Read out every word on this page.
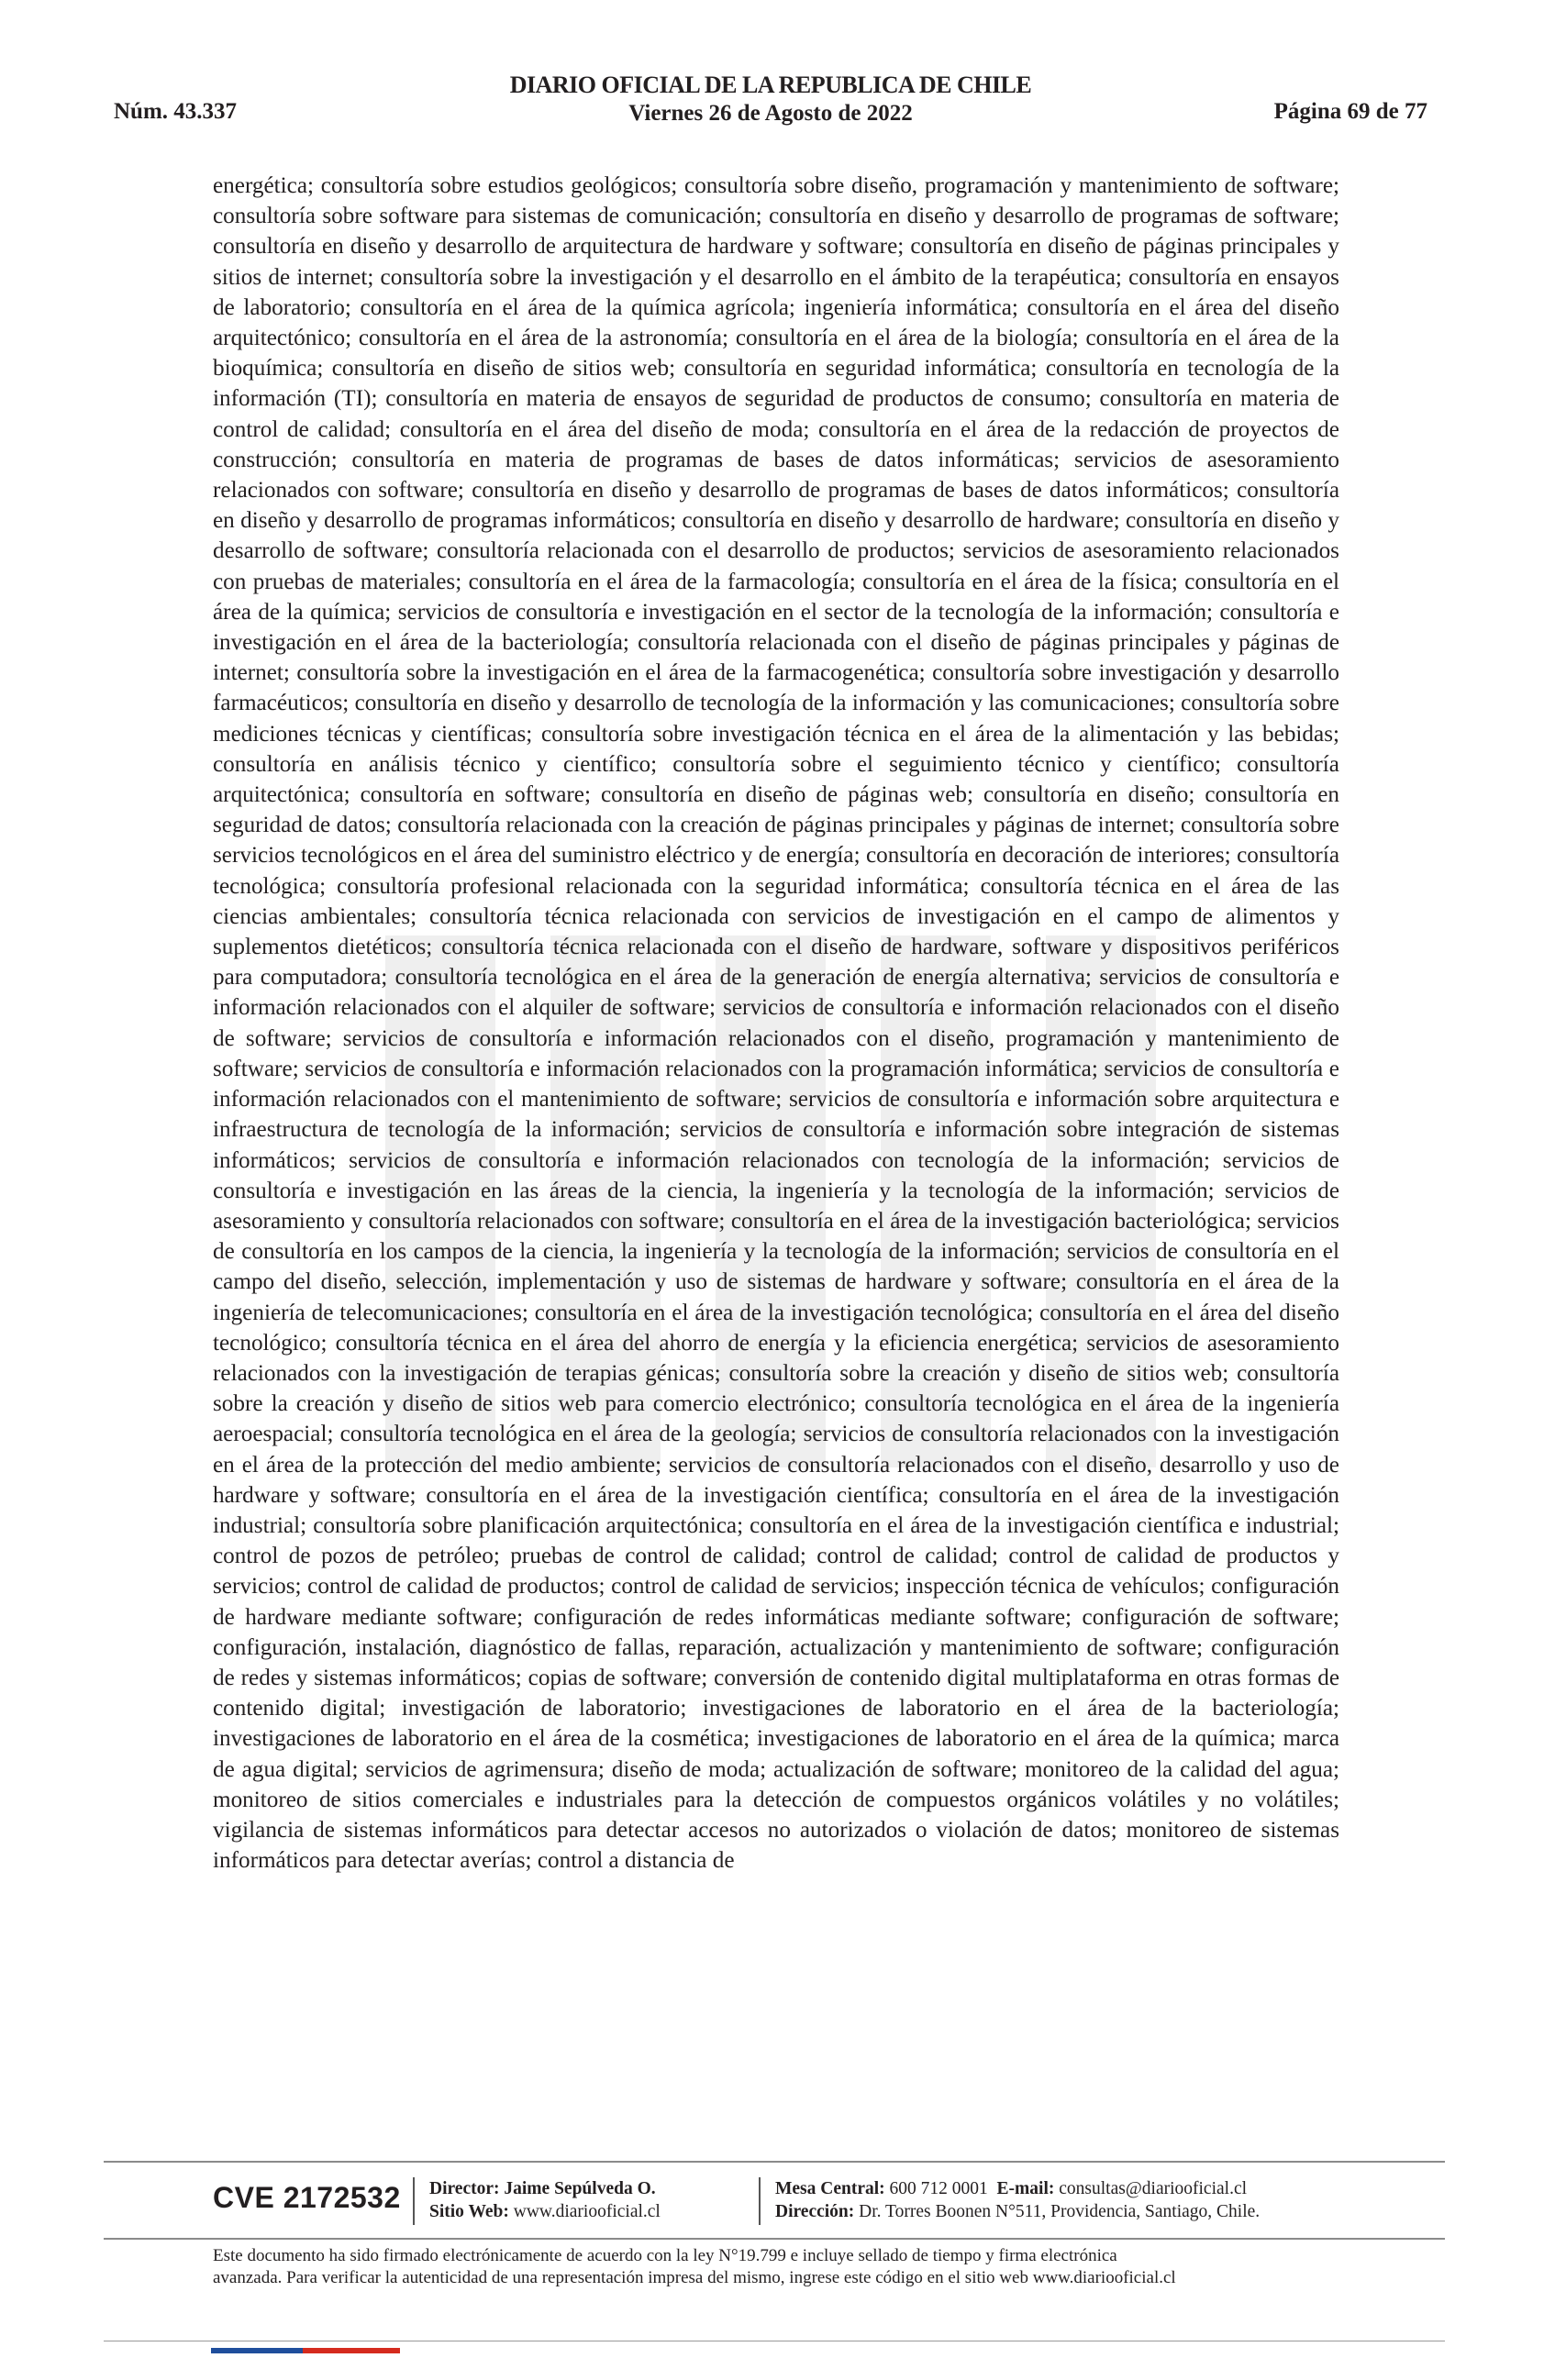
Núm. 43.337
DIARIO OFICIAL DE LA REPUBLICA DE CHILE
Viernes 26 de Agosto de 2022	Página 69 de 77

energética; consultoría sobre estudios geológicos; consultoría sobre diseño, programación y mantenimiento de software; consultoría sobre software para sistemas de comunicación; consultoría en diseño y desarrollo de programas de software; consultoría en diseño y desarrollo de arquitectura de hardware y software; consultoría en diseño de páginas principales y sitios de internet; consultoría sobre la investigación y el desarrollo en el ámbito de la terapéutica; consultoría en ensayos de laboratorio; consultoría en el área de la química agrícola; ingeniería informática; consultoría en el área del diseño arquitectónico; consultoría en el área de la astronomía; consultoría en el área de la biología; consultoría en el área de la bioquímica; consultoría en diseño de sitios web; consultoría en seguridad informática; consultoría en tecnología de la información (TI); consultoría en materia de ensayos de seguridad de productos de consumo; consultoría en materia de control de calidad; consultoría en el área del diseño de moda; consultoría en el área de la redacción de proyectos de construcción; consultoría en materia de programas de bases de datos informáticas; servicios de asesoramiento relacionados con software; consultoría en diseño y desarrollo de programas de bases de datos informáticos; consultoría en diseño y desarrollo de programas informáticos; consultoría en diseño y desarrollo de hardware; consultoría en diseño y desarrollo de software; consultoría relacionada con el desarrollo de productos; servicios de asesoramiento relacionados con pruebas de materiales; consultoría en el área de la farmacología; consultoría en el área de la física; consultoría en el área de la química; servicios de consultoría e investigación en el sector de la tecnología de la información; consultoría e investigación en el área de la bacteriología; consultoría relacionada con el diseño de páginas principales y páginas de internet; consultoría sobre la investigación en el área de la farmacogenética; consultoría sobre investigación y desarrollo farmacéuticos; consultoría en diseño y desarrollo de tecnología de la información y las comunicaciones; consultoría sobre mediciones técnicas y científicas; consultoría sobre investigación técnica en el área de la alimentación y las bebidas; consultoría en análisis técnico y científico; consultoría sobre el seguimiento técnico y científico; consultoría arquitectónica; consultoría en software; consultoría en diseño de páginas web; consultoría en diseño; consultoría en seguridad de datos; consultoría relacionada con la creación de páginas principales y páginas de internet; consultoría sobre servicios tecnológicos en el área del suministro eléctrico y de energía; consultoría en decoración de interiores; consultoría tecnológica; consultoría profesional relacionada con la seguridad informática; consultoría técnica en el área de las ciencias ambientales; consultoría técnica relacionada con servicios de investigación en el campo de alimentos y suplementos dietéticos; consultoría técnica relacionada con el diseño de hardware, software y dispositivos periféricos para computadora; consultoría tecnológica en el área de la generación de energía alternativa; servicios de consultoría e información relacionados con el alquiler de software; servicios de consultoría e información relacionados con el diseño de software; servicios de consultoría e información relacionados con el diseño, programación y mantenimiento de software; servicios de consultoría e información relacionados con la programación informática; servicios de consultoría e información relacionados con el mantenimiento de software; servicios de consultoría e información sobre arquitectura e infraestructura de tecnología de la información; servicios de consultoría e información sobre integración de sistemas informáticos; servicios de consultoría e información relacionados con tecnología de la información; servicios de consultoría e investigación en las áreas de la ciencia, la ingeniería y la tecnología de la información; servicios de asesoramiento y consultoría relacionados con software; consultoría en el área de la investigación bacteriológica; servicios de consultoría en los campos de la ciencia, la ingeniería y la tecnología de la información; servicios de consultoría en el campo del diseño, selección, implementación y uso de sistemas de hardware y software; consultoría en el área de la ingeniería de telecomunicaciones; consultoría en el área de la investigación tecnológica; consultoría en el área del diseño tecnológico; consultoría técnica en el área del ahorro de energía y la eficiencia energética; servicios de asesoramiento relacionados con la investigación de terapias génicas; consultoría sobre la creación y diseño de sitios web; consultoría sobre la creación y diseño de sitios web para comercio electrónico; consultoría tecnológica en el área de la ingeniería aeroespacial; consultoría tecnológica en el área de la geología; servicios de consultoría relacionados con la investigación en el área de la protección del medio ambiente; servicios de consultoría relacionados con el diseño, desarrollo y uso de hardware y software; consultoría en el área de la investigación científica; consultoría en el área de la investigación industrial; consultoría sobre planificación arquitectónica; consultoría en el área de la investigación científica e industrial; control de pozos de petróleo; pruebas de control de calidad; control de calidad; control de calidad de productos y servicios; control de calidad de productos; control de calidad de servicios; inspección técnica de vehículos; configuración de hardware mediante software; configuración de redes informáticas mediante software; configuración de software; configuración, instalación, diagnóstico de fallas, reparación, actualización y mantenimiento de software; configuración de redes y sistemas informáticos; copias de software; conversión de contenido digital multiplataforma en otras formas de contenido digital; investigación de laboratorio; investigaciones de laboratorio en el área de la bacteriología; investigaciones de laboratorio en el área de la cosmética; investigaciones de laboratorio en el área de la química; marca de agua digital; servicios de agrimensura; diseño de moda; actualización de software; monitoreo de la calidad del agua; monitoreo de sitios comerciales e industriales para la detección de compuestos orgánicos volátiles y no volátiles; vigilancia de sistemas informáticos para detectar accesos no autorizados o violación de datos; monitoreo de sistemas informáticos para detectar averías; control a distancia de

CVE 2172532 Director: Jaime Sepúlveda O.
Sitio Web: www.diariooficial.cl
Mesa Central: 600 712 0001 E-mail: consultas@diariooficial.cl
Dirección: Dr. Torres Boonen N°511, Providencia, Santiago, Chile.
Este documento ha sido firmado electrónicamente de acuerdo con la ley N°19.799 e incluye sellado de tiempo y firma electrónica
avanzada. Para verificar la autenticidad de una representación impresa del mismo, ingrese este código en el sitio web www.diariooficial.cl
